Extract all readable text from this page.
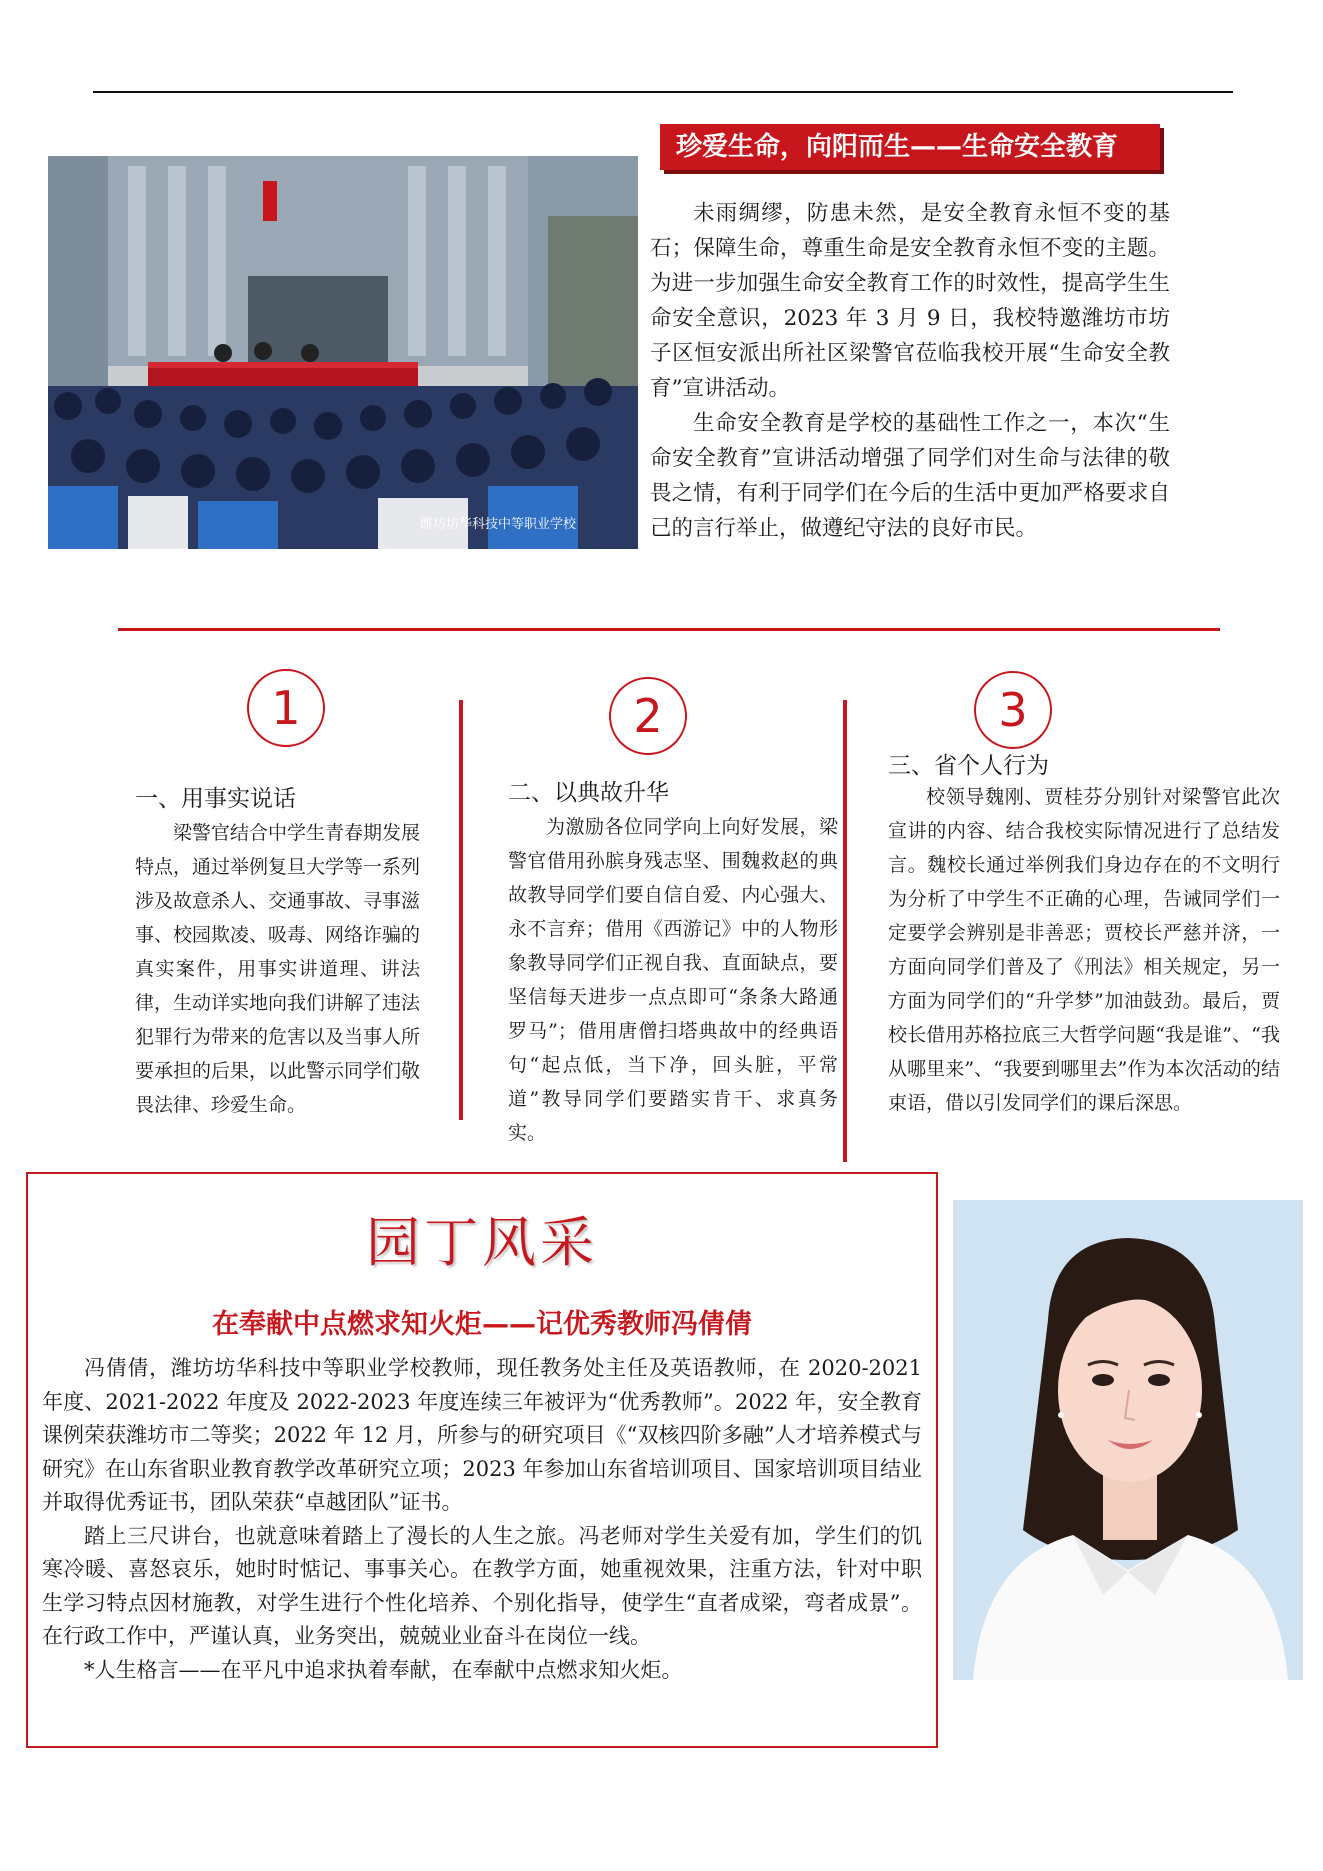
潍坊坊华科技中等职业学校
珍爱生命，向阳而生——生命安全教育

未雨绸缪，防患未然，是安全教育永恒不变的基石；保障生命，尊重生命是安全教育永恒不变的主题。为进一步加强生命安全教育工作的时效性，提高学生生命安全意识，2023 年 3 月 9 日，我校特邀潍坊市坊子区恒安派出所社区梁警官莅临我校开展“生命安全教育”宣讲活动。

生命安全教育是学校的基础性工作之一，本次“生命安全教育”宣讲活动增强了同学们对生命与法律的敬畏之情，有利于同学们在今后的生活中更加严格要求自己的言行举止，做遵纪守法的良好市民。

1	2	3
一、用事实说话

梁警官结合中学生青春期发展特点，通过举例复旦大学等一系列涉及故意杀人、交通事故、寻事滋事、校园欺凌、吸毒、网络诈骗的真实案件，用事实讲道理、讲法律，生动详实地向我们讲解了违法犯罪行为带来的危害以及当事人所要承担的后果，以此警示同学们敬畏法律、珍爱生命。

二、以典故升华

为激励各位同学向上向好发展，梁警官借用孙膑身残志坚、围魏救赵的典故教导同学们要自信自爱、内心强大、永不言弃；借用《西游记》中的人物形象教导同学们正视自我、直面缺点，要坚信每天进步一点点即可“条条大路通罗马”；借用唐僧扫塔典故中的经典语句“起点低，当下净，回头脏，平常道”教导同学们要踏实肯干、求真务实。

三、省个人行为

校领导魏刚、贾桂芬分别针对梁警官此次宣讲的内容、结合我校实际情况进行了总结发言。魏校长通过举例我们身边存在的不文明行为分析了中学生不正确的心理，告诫同学们一定要学会辨别是非善恶；贾校长严慈并济，一方面向同学们普及了《刑法》相关规定，另一方面为同学们的“升学梦”加油鼓劲。最后，贾校长借用苏格拉底三大哲学问题“我是谁”、“我从哪里来”、“我要到哪里去”作为本次活动的结束语，借以引发同学们的课后深思。

园丁风采
在奉献中点燃求知火炬——记优秀教师冯倩倩

冯倩倩，潍坊坊华科技中等职业学校教师，现任教务处主任及英语教师，在 2020-2021 年度、2021-2022 年度及 2022-2023 年度连续三年被评为“优秀教师”。2022 年，安全教育课例荣获潍坊市二等奖；2022 年 12 月，所参与的研究项目《“双核四阶多融”人才培养模式与研究》在山东省职业教育教学改革研究立项；2023 年参加山东省培训项目、国家培训项目结业并取得优秀证书，团队荣获“卓越团队”证书。

踏上三尺讲台，也就意味着踏上了漫长的人生之旅。冯老师对学生关爱有加，学生们的饥寒冷暖、喜怒哀乐，她时时惦记、事事关心。在教学方面，她重视效果，注重方法，针对中职生学习特点因材施教，对学生进行个性化培养、个别化指导，使学生“直者成梁，弯者成景”。在行政工作中，严谨认真，业务突出，兢兢业业奋斗在岗位一线。

*人生格言——在平凡中追求执着奉献，在奉献中点燃求知火炬。
